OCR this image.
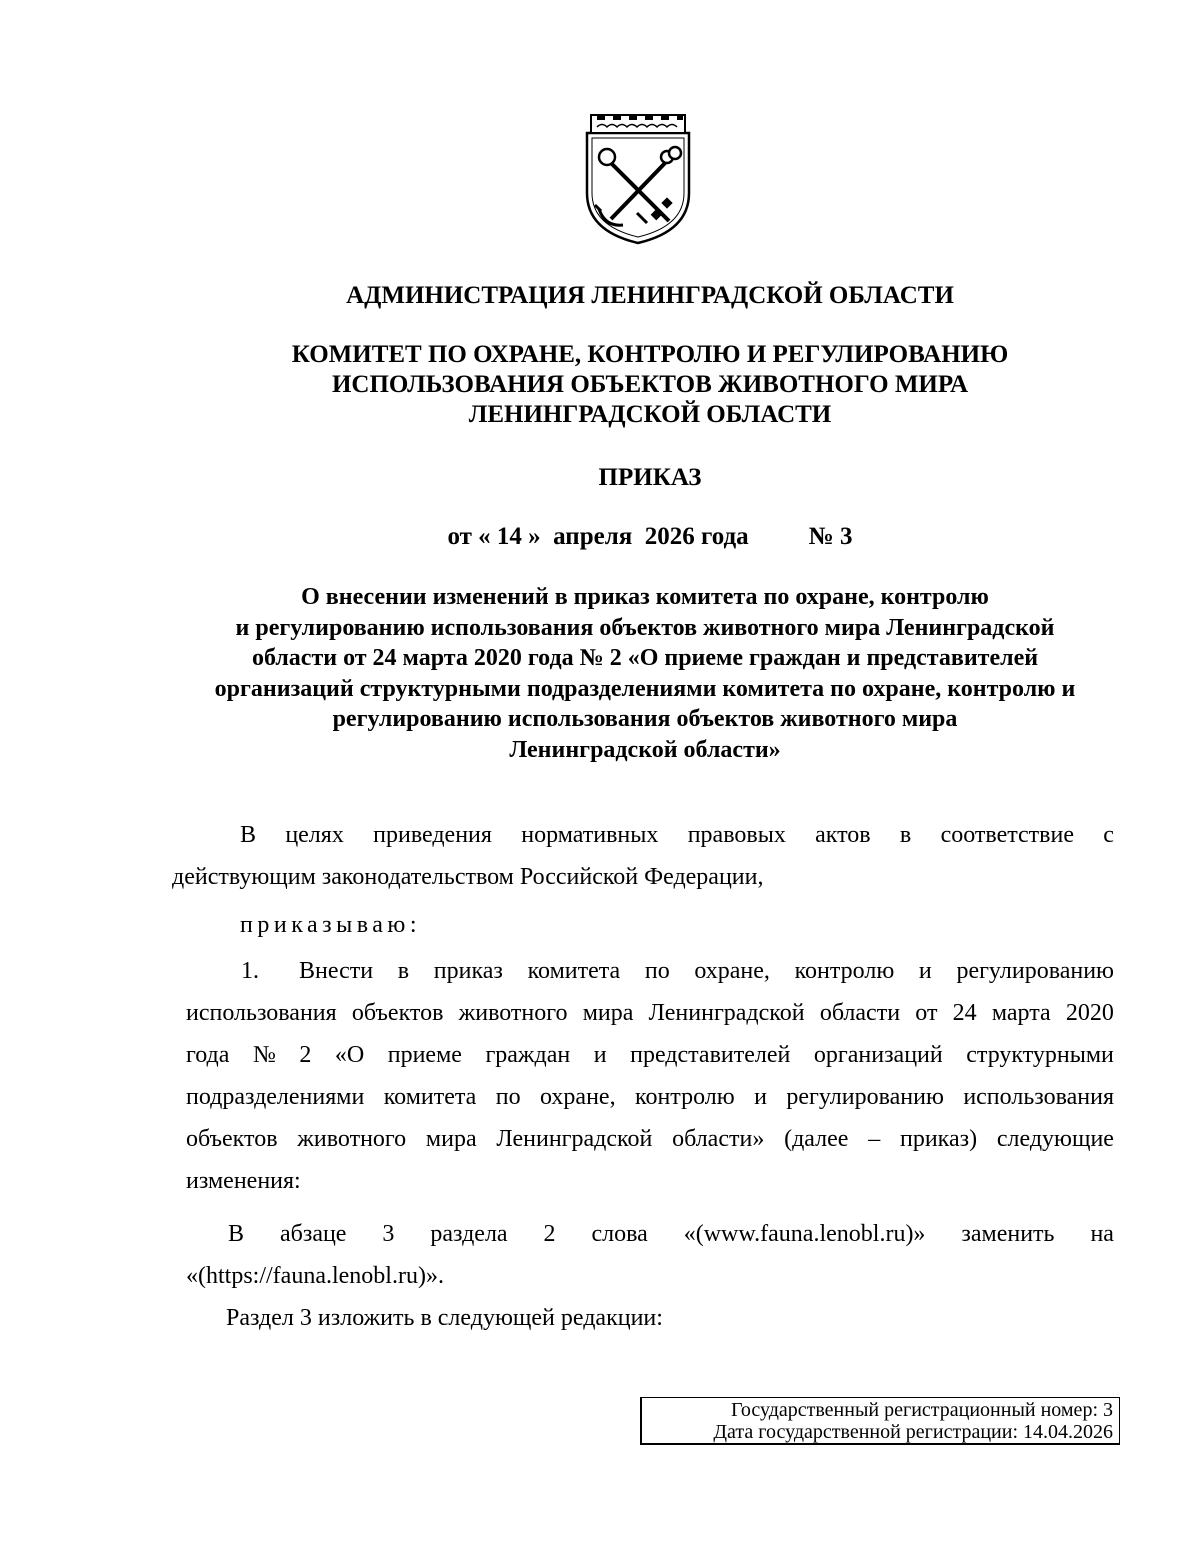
АДМИНИСТРАЦИЯ ЛЕНИНГРАДСКОЙ ОБЛАСТИ
КОМИТЕТ ПО ОХРАНЕ, КОНТРОЛЮ И РЕГУЛИРОВАНИЮ
ИСПОЛЬЗОВАНИЯ ОБЪЕКТОВ ЖИВОТНОГО МИРА
ЛЕНИНГРАДСКОЙ ОБЛАСТИ
ПРИКАЗ
от « 14 »  апреля  2026 года № 3
О внесении изменений в приказ комитета по охране, контролю
и регулированию использования объектов животного мира Ленинградской
области от 24 марта 2020 года № 2 «О приеме граждан и представителей
организаций структурными подразделениями комитета по охране, контролю и
регулированию использования объектов животного мира
Ленинградской области»
В целях приведения нормативных правовых актов в соответствие с
действующим законодательством Российской Федерации,
приказываю:
1. Внести в приказ комитета по охране, контролю и регулированию
использования объектов животного мира Ленинградской области от 24 марта 2020
года № 2 «О приеме граждан и представителей организаций структурными
подразделениями комитета по охране, контролю и регулированию использования
объектов животного мира Ленинградской области» (далее – приказ) следующие
изменения:
В абзаце 3 раздела 2 слова «(www.fauna.lenobl.ru)» заменить на
«(https://fauna.lenobl.ru)».
Раздел 3 изложить в следующей редакции:
Государственный регистрационный номер: 3
Дата государственной регистрации: 14.04.2026
